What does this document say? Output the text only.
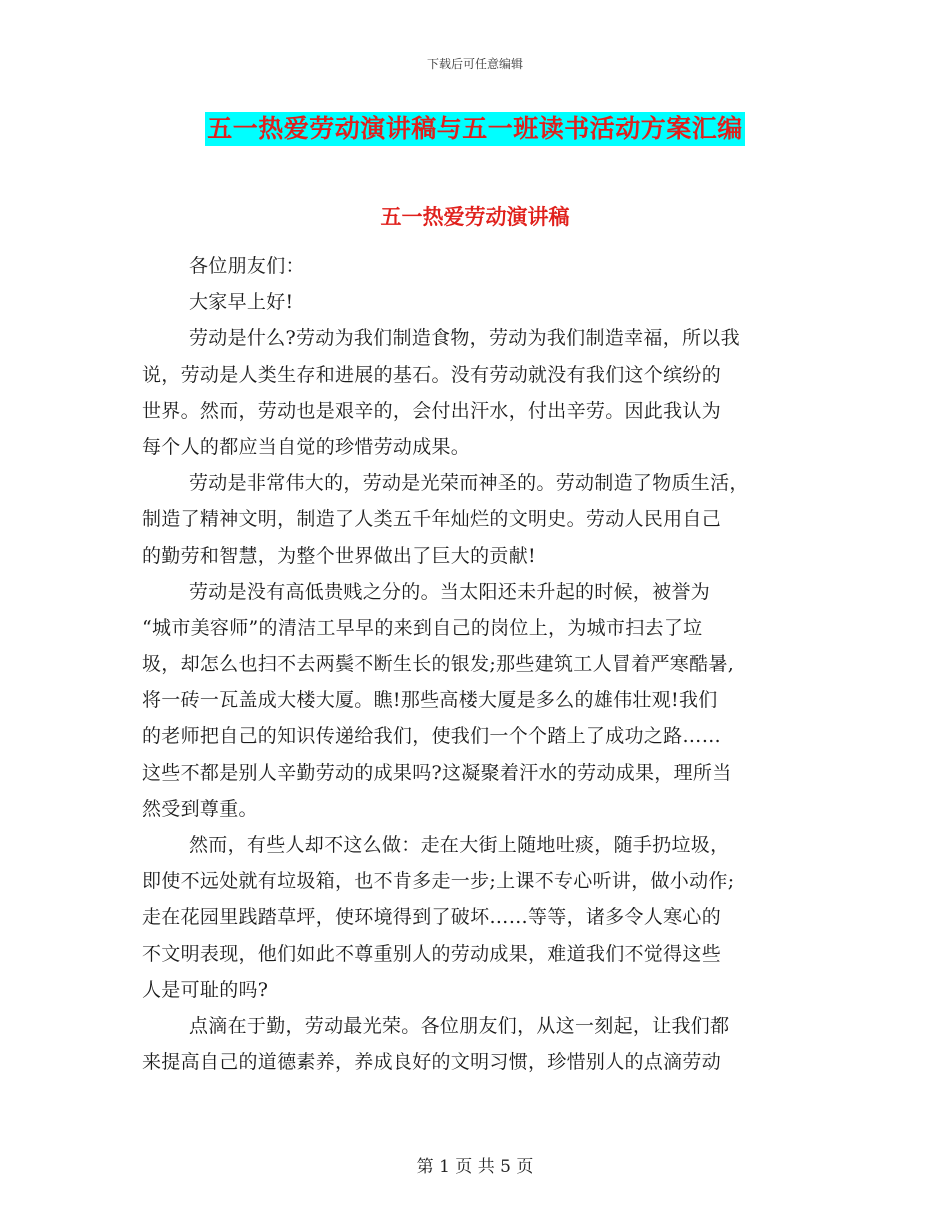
下载后可任意编辑
五一热爱劳动演讲稿与五一班读书活动方案汇编
五一热爱劳动演讲稿
各位朋友们：
大家早上好!
劳动是什么?劳动为我们制造食物，劳动为我们制造幸福，所以我
说，劳动是人类生存和进展的基石。没有劳动就没有我们这个缤纷的
世界。然而，劳动也是艰辛的，会付出汗水，付出辛劳。因此我认为
每个人的都应当自觉的珍惜劳动成果。
劳动是非常伟大的，劳动是光荣而神圣的。劳动制造了物质生活，
制造了精神文明，制造了人类五千年灿烂的文明史。劳动人民用自己
的勤劳和智慧，为整个世界做出了巨大的贡献!
劳动是没有高低贵贱之分的。当太阳还未升起的时候，被誉为
“城市美容师”的清洁工早早的来到自己的岗位上，为城市扫去了垃
圾，却怎么也扫不去两鬓不断生长的银发;那些建筑工人冒着严寒酷暑,
将一砖一瓦盖成大楼大厦。瞧!那些高楼大厦是多么的雄伟壮观!我们
的老师把自己的知识传递给我们，使我们一个个踏上了成功之路……
这些不都是别人辛勤劳动的成果吗?这凝聚着汗水的劳动成果，理所当
然受到尊重。
然而，有些人却不这么做：走在大街上随地吐痰，随手扔垃圾，
即使不远处就有垃圾箱，也不肯多走一步;上课不专心听讲，做小动作;
走在花园里践踏草坪，使环境得到了破坏……等等，诸多令人寒心的
不文明表现，他们如此不尊重别人的劳动成果，难道我们不觉得这些
人是可耻的吗?
点滴在于勤，劳动最光荣。各位朋友们，从这一刻起，让我们都
来提高自己的道德素养，养成良好的文明习惯，珍惜别人的点滴劳动
第 1 页 共 5 页
